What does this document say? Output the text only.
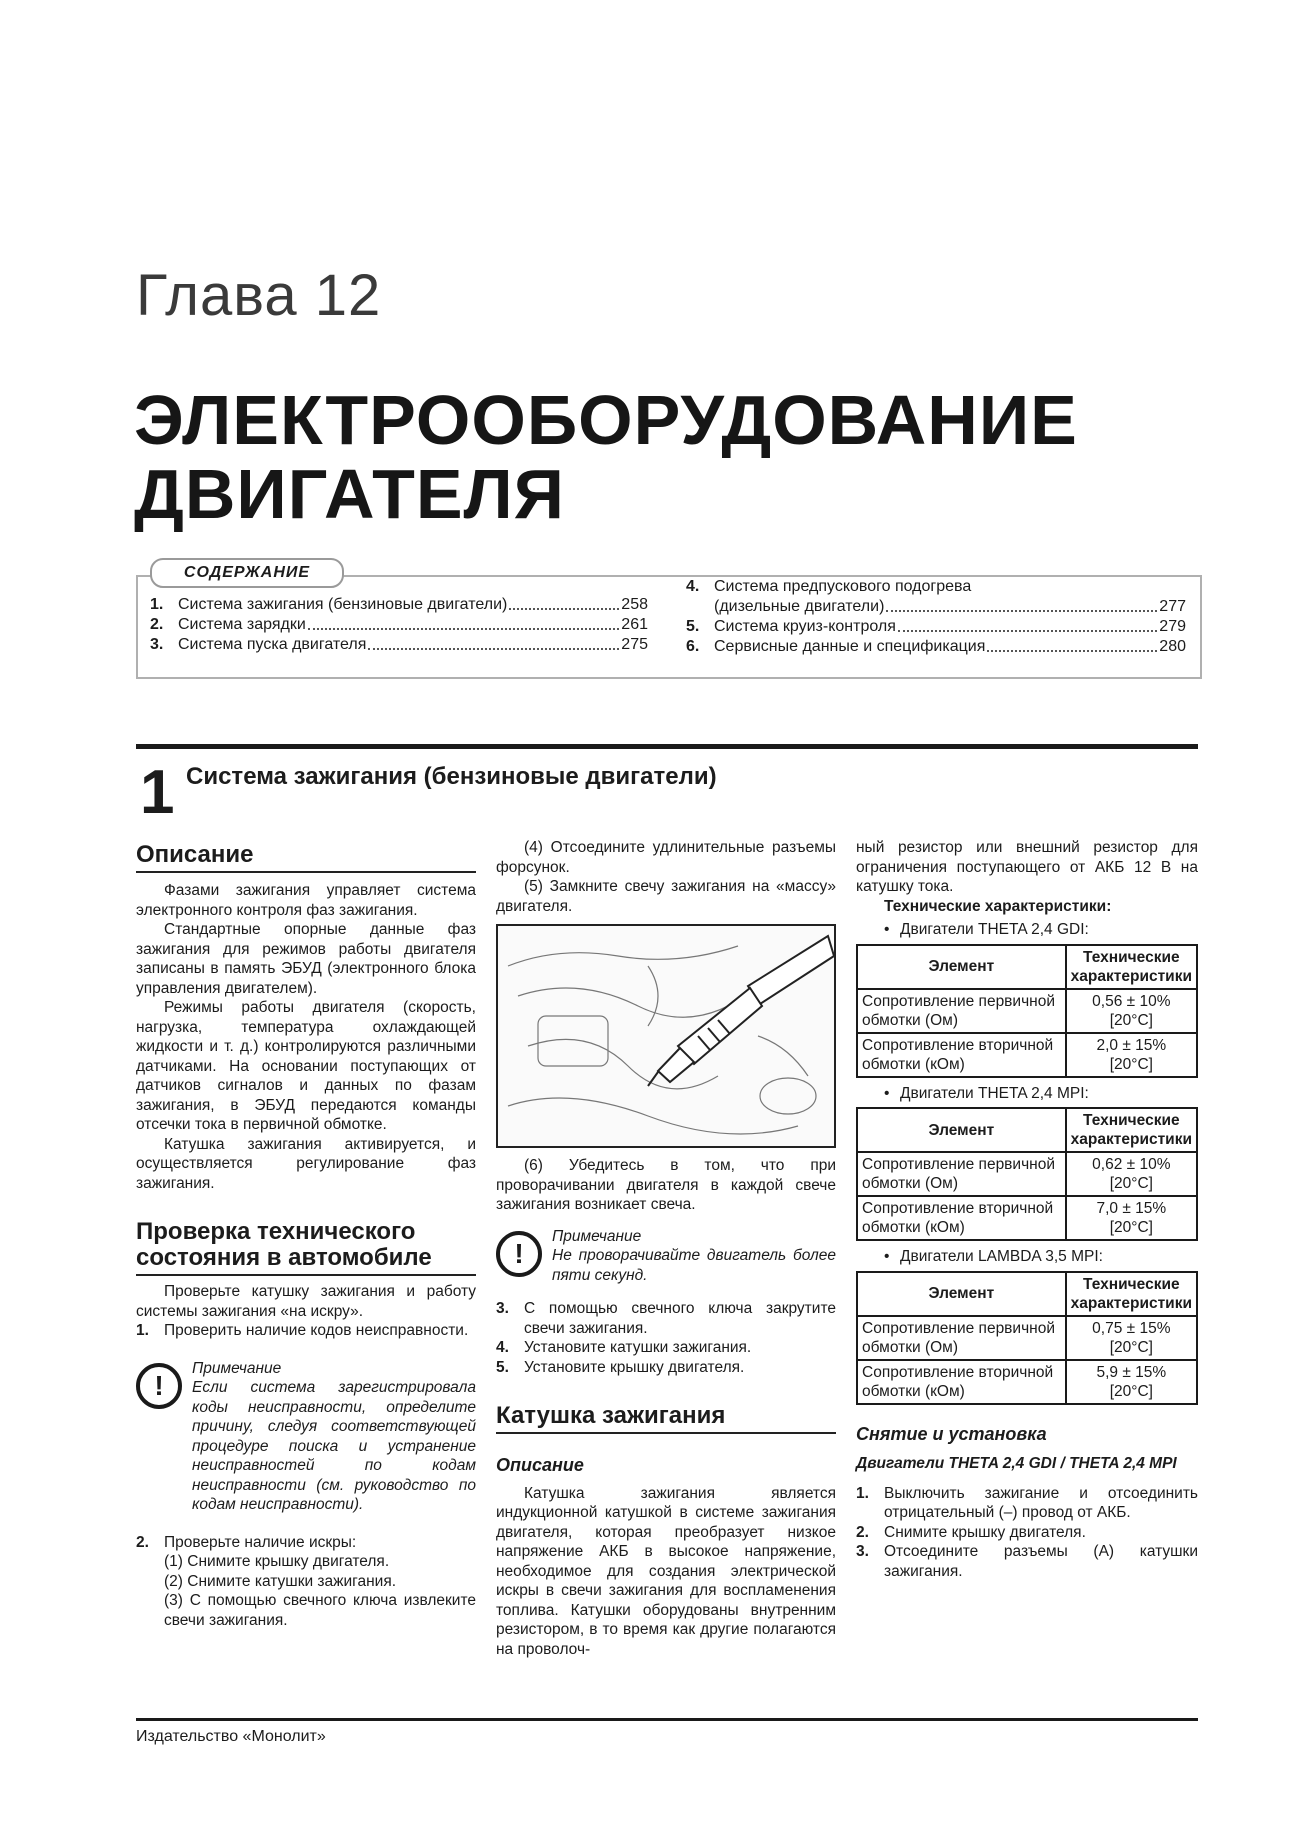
Глава 12
ЭЛЕКТРООБОРУДОВАНИЕ
ДВИГАТЕЛЯ
1. Система зажигания (бензиновые двигатели)	258
2. Система зарядки	261
3. Система пуска двигателя	275
4. Система предпускового подогрева
(дизельные двигатели)	277
5. Система круиз-контроля	279
6. Сервисные данные и спецификация	280
СОДЕРЖАНИЕ
1 Система зажигания (бензиновые двигатели)
Описание

Фазами зажигания управляет система электронного контроля фаз зажигания.

Стандартные опорные данные фаз зажигания для режимов работы двигателя записаны в память ЭБУД (электронного блока управления двигателем).

Режимы работы двигателя (скорость, нагрузка, температура охлаждающей жидкости и т. д.) контролируются различными датчиками. На основании поступающих от датчиков сигналов и данных по фазам зажигания, в ЭБУД передаются команды отсечки тока в первичной обмотке.

Катушка зажигания активируется, и осуществляется регулирование фаз зажигания.

Проверка технического состояния в автомобиле

Проверьте катушку зажигания и работу системы зажигания «на искру».

1. Проверить наличие кодов неисправности.
!
Примечание

Если система зарегистрировала коды неисправности, определите причину, следуя соответствующей процедуре поиска и устранение неисправностей по кодам неисправности (см. руководство по кодам неисправности).

2. Проверьте наличие искры:
(1) Снимите крышку двигателя.
(2) Снимите катушки зажигания.

(3) С помощью свечного ключа извлеките свечи зажигания.

(4) Отсоедините удлинительные разъемы форсунок.

(5) Замкните свечу зажигания на «массу» двигателя.

(6) Убедитесь в том, что при проворачивании двигателя в каждой свече зажигания возникает свеча.

!
Примечание

Не проворачивайте двигатель более пяти секунд.

3. С помощью свечного ключа закрутите свечи зажигания.
4. Установите катушки зажигания.
5. Установите крышку двигателя.
Катушка зажигания
Описание

Катушка зажигания является индукционной катушкой в системе зажигания двигателя, которая преобразует низкое напряжение АКБ в высокое напряжение, необходимое для создания электрической искры в свечи зажигания для воспламенения топлива. Катушки оборудованы внутренним резистором, в то время как другие полагаются на проволоч-

ный резистор или внешний резистор для ограничения поступающего от АКБ 12 В на катушку тока.

Технические характеристики:
• Двигатели THETA 2,4 GDI:
Элемент	Технические характеристики
Сопротивление первичной обмотки (Ом)	0,56 ± 10%
[20°C]

Сопротивление вторичной обмотки (кОм)	2,0 ± 15%
[20°C]
• Двигатели THETA 2,4 MPI:
Элемент	Технические характеристики
Сопротивление первичной обмотки (Ом)	0,62 ± 10%
[20°C]

Сопротивление вторичной обмотки (кОм)	7,0 ± 15%
[20°C]
• Двигатели LAMBDA 3,5 MPI:
Элемент	Технические характеристики
Сопротивление первичной обмотки (Ом)	0,75 ± 15%
[20°C]

Сопротивление вторичной обмотки (кОм)	5,9 ± 15%
[20°C]
Снятие и установка
Двигатели THETA 2,4 GDI / THETA 2,4 MPI
1. Выключить зажигание и отсоединить отрицательный (–) провод от АКБ.
2. Снимите крышку двигателя.
3. Отсоедините разъемы (А) катушки зажигания.
Издательство «Монолит»
